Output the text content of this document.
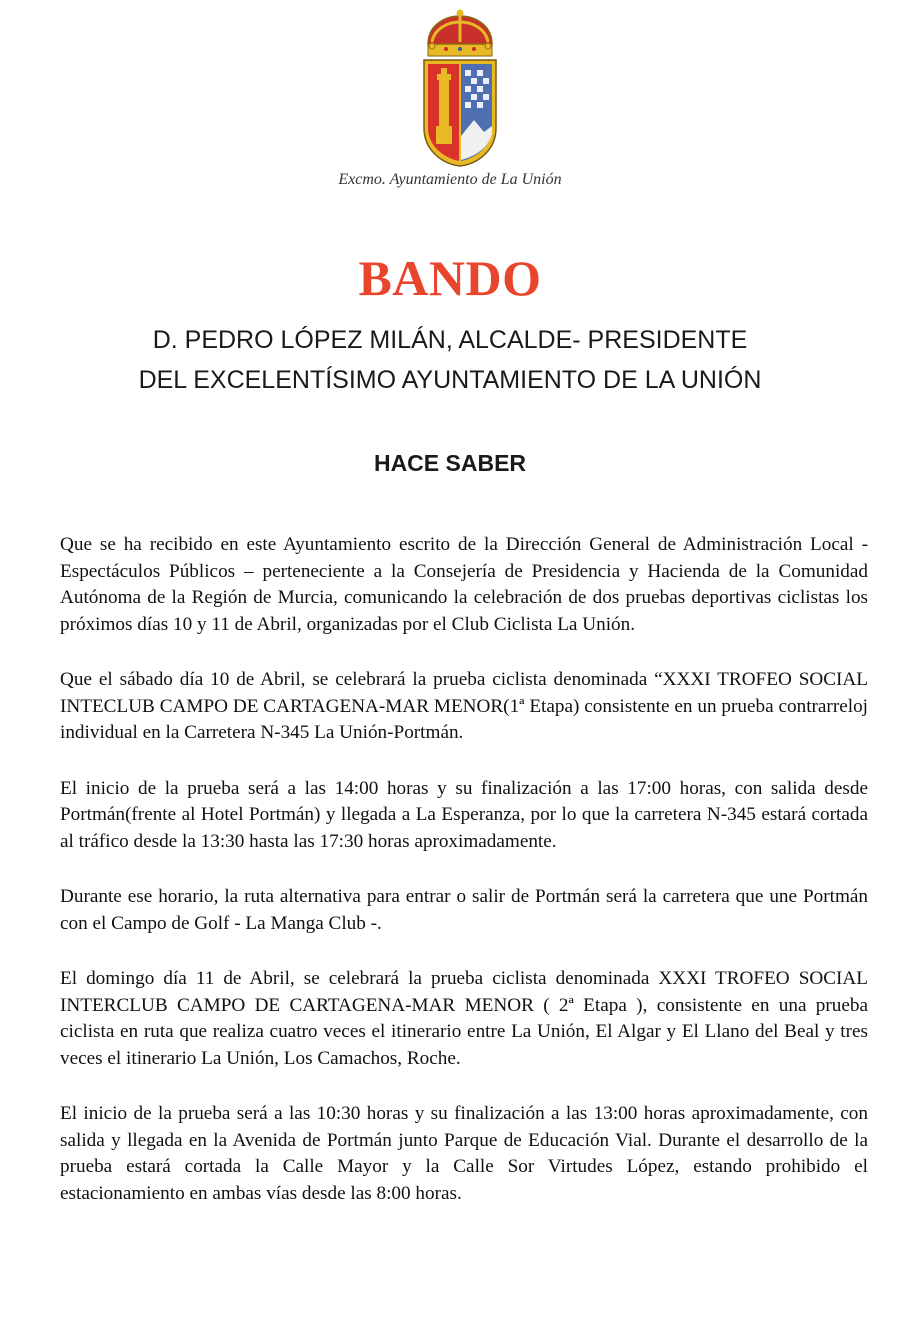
Excmo. Ayuntamiento de La Unión
BANDO
D. PEDRO LÓPEZ MILÁN, ALCALDE- PRESIDENTE
DEL EXCELENTÍSIMO AYUNTAMIENTO DE LA UNIÓN
HACE SABER

Que se ha recibido en este Ayuntamiento escrito de la Dirección General de Administración Local - Espectáculos Públicos – perteneciente a la Consejería de Presidencia y Hacienda de la Comunidad Autónoma de la Región de Murcia, comunicando la celebración de dos pruebas deportivas ciclistas los próximos días 10 y 11 de Abril, organizadas por el Club Ciclista La Unión.

Que el sábado día 10 de Abril, se celebrará la prueba ciclista denominada “XXXI TROFEO SOCIAL INTECLUB CAMPO DE CARTAGENA-MAR MENOR(1ª Etapa) consistente en un prueba contrarreloj individual en la Carretera N-345 La Unión-Portmán.

El inicio de la prueba será a las 14:00 horas y su finalización a las 17:00 horas, con salida desde Portmán(frente al Hotel Portmán) y llegada a La Esperanza, por lo que la carretera N-345 estará cortada al tráfico desde la 13:30 hasta las 17:30 horas aproximadamente.

Durante ese horario, la ruta alternativa para entrar o salir de Portmán será la carretera que une Portmán con el Campo de Golf - La Manga Club -.

El domingo día 11 de Abril, se celebrará la prueba ciclista denominada XXXI TROFEO SOCIAL INTERCLUB CAMPO DE CARTAGENA-MAR MENOR ( 2ª Etapa ), consistente en una prueba ciclista en ruta que realiza cuatro veces el itinerario entre La Unión, El Algar y El Llano del Beal y tres veces el itinerario La Unión, Los Camachos, Roche.

El inicio de la prueba será a las 10:30 horas y su finalización a las 13:00 horas aproximadamente, con salida y llegada en la Avenida de Portmán junto Parque de Educación Vial. Durante el desarrollo de la prueba estará cortada la Calle Mayor y la Calle Sor Virtudes López, estando prohibido el estacionamiento en ambas vías desde las 8:00 horas.
